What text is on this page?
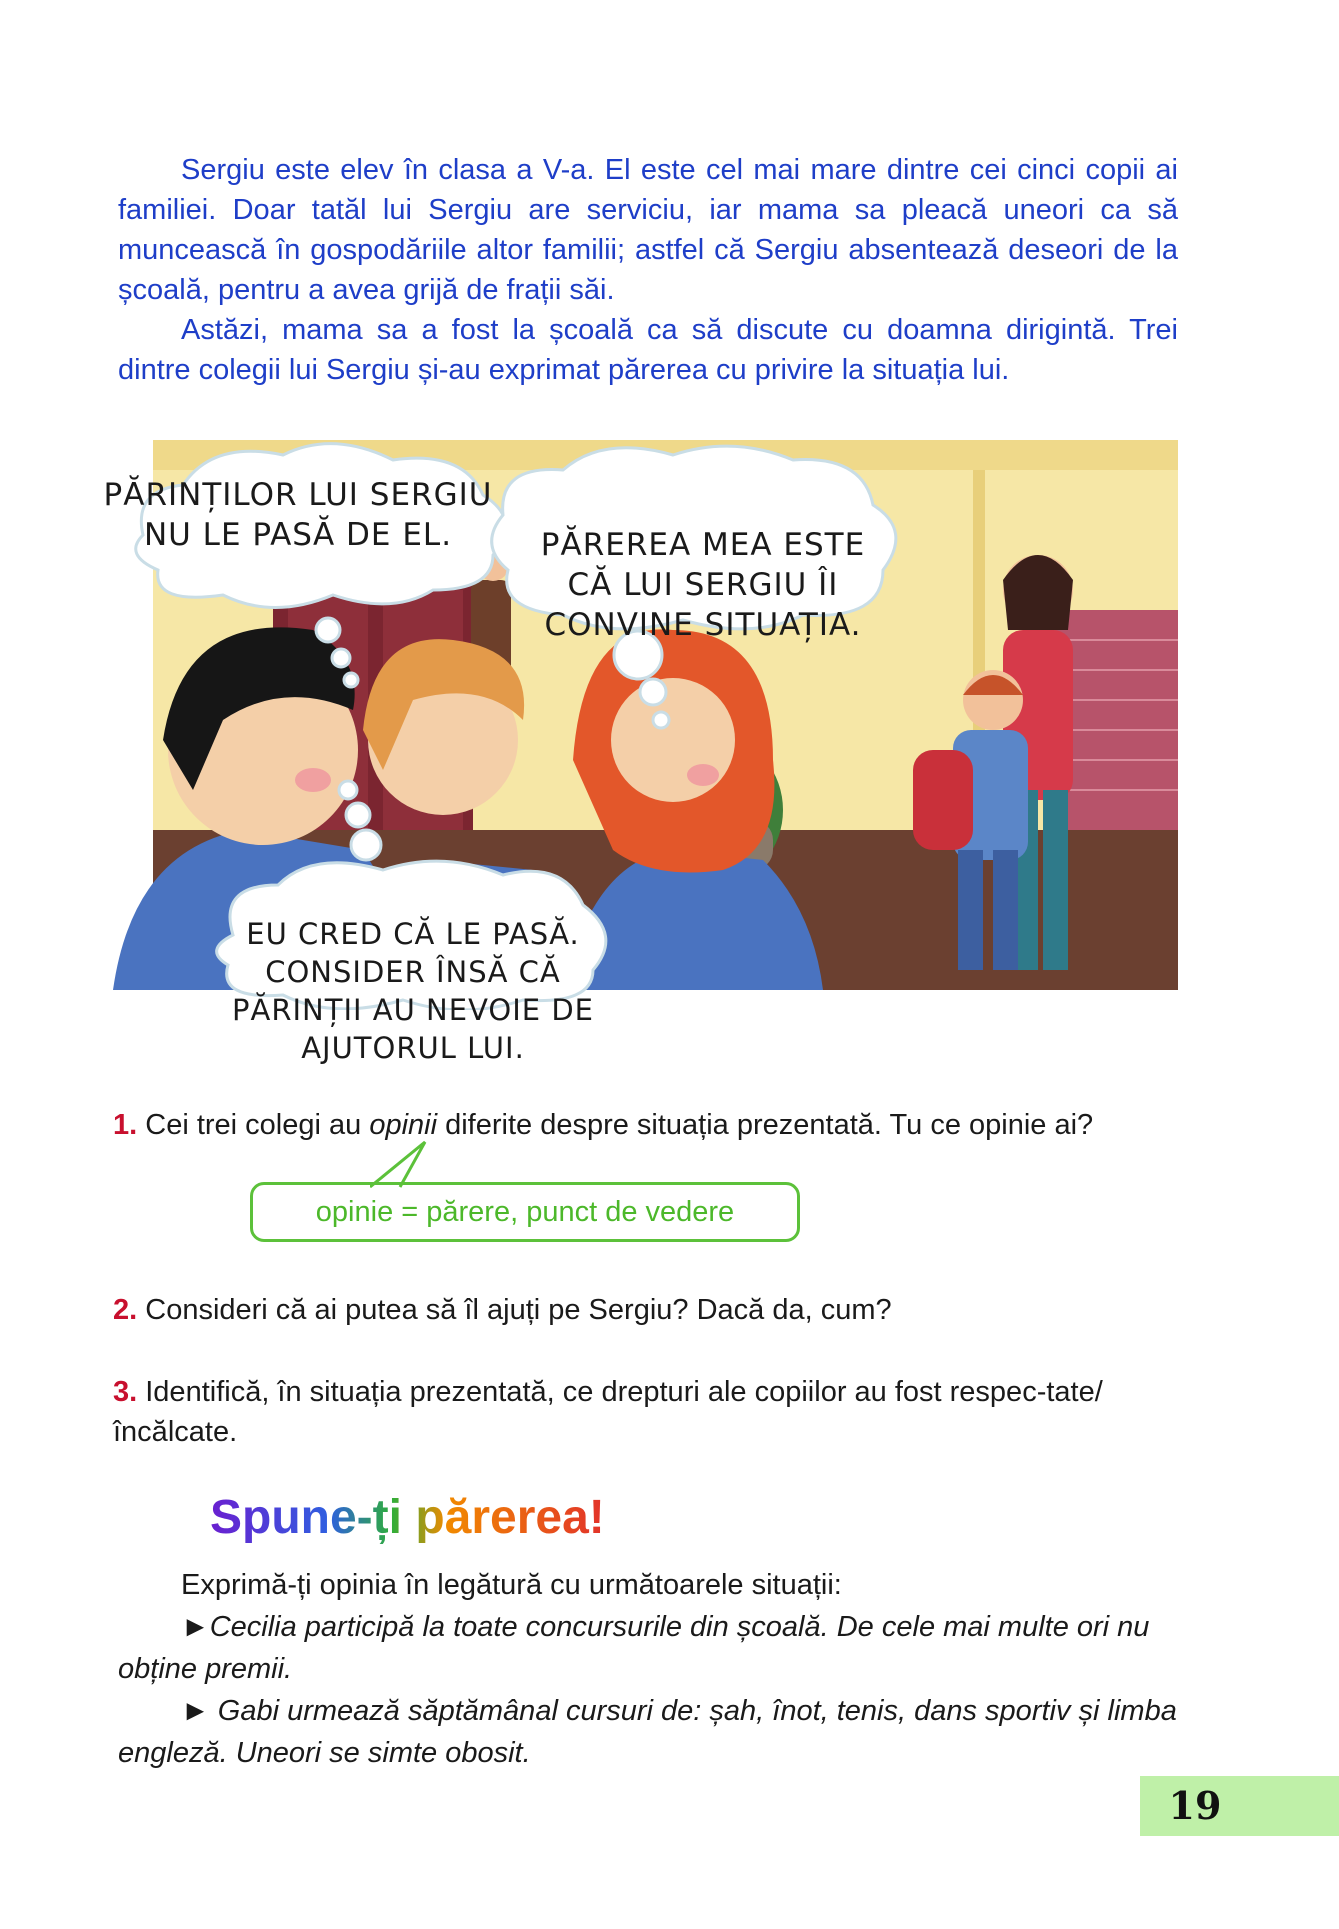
Sergiu este elev în clasa a V-a. El este cel mai mare dintre cei cinci copii ai familiei. Doar tatăl lui Sergiu are serviciu, iar mama sa pleacă uneori ca să muncească în gospodăriile altor familii; astfel că Sergiu absentează deseori de la școală, pentru a avea grijă de frații săi.

Astăzi, mama sa a fost la școală ca să discute cu doamna dirigintă. Trei dintre colegii lui Sergiu și-au exprimat părerea cu privire la situația lui.

PĂRINȚILOR LUI SERGIU NU LE PASĂ DE EL.	PĂREREA MEA ESTE CĂ LUI SERGIU ÎI CONVINE SITUAȚIA.
EU CRED CĂ LE PASĂ. CONSIDER ÎNSĂ CĂ PĂRINȚII AU NEVOIE DE AJUTORUL LUI.

1. Cei trei colegi au opinii diferite despre situația prezentată. Tu ce opinie ai?

opinie = părere, punct de vedere

2. Consideri că ai putea să îl ajuți pe Sergiu? Dacă da, cum?

3. Identifică, în situația prezentată, ce drepturi ale copiilor au fost respec-tate/ încălcate.

Spune-ți părerea!

Exprimă-ți opinia în legătură cu următoarele situații:

►Cecilia participă la toate concursurile din școală. De cele mai multe ori nu obține premii.

► Gabi urmează săptămânal cursuri de: șah, înot, tenis, dans sportiv și limba engleză. Uneori se simte obosit.

19
